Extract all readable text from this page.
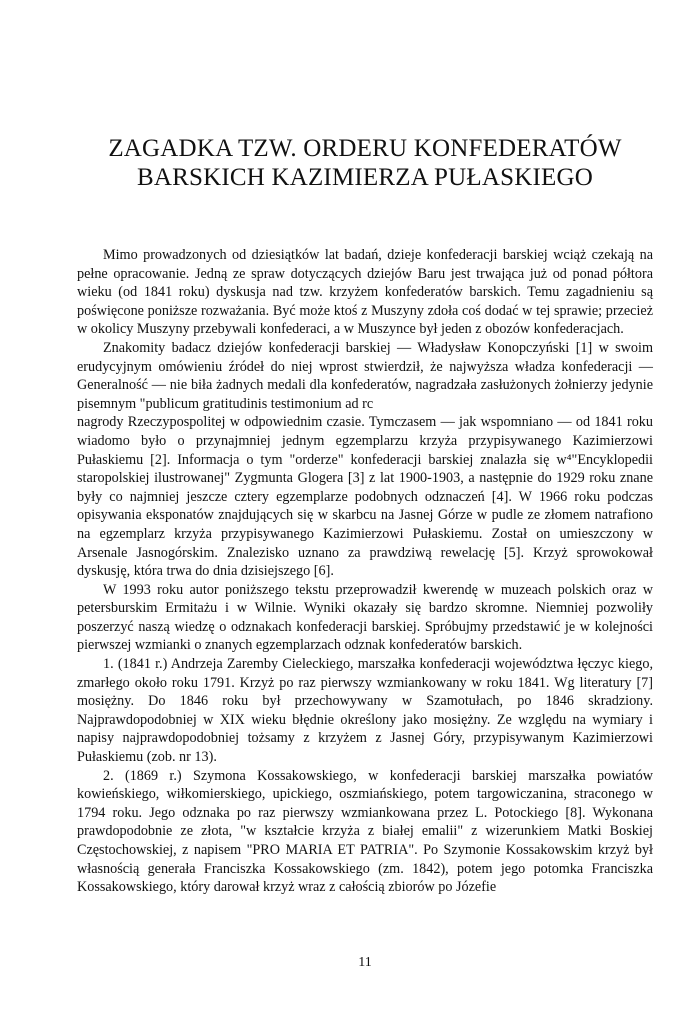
ZAGADKA TZW. ORDERU KONFEDERATÓW
BARSKICH KAZIMIERZA PUŁASKIEGO

Mimo prowadzonych od dziesiątków lat badań, dzieje konfederacji barskiej wciąż czekają na pełne opracowanie. Jedną ze spraw dotyczących dziejów Baru jest trwająca już od ponad półtora wieku (od 1841 roku) dyskusja nad tzw. krzyżem konfederatów barskich. Temu zagadnieniu są poświęcone poniższe rozważania. Być może ktoś z Muszyny zdoła coś dodać w tej sprawie; przecież w okolicy Muszyny przebywali konfederaci, a w Muszynce był jeden z obozów konfederacjach.

Znakomity badacz dziejów konfederacji barskiej — Władysław Konopczyński [1] w swoim erudycyjnym omówieniu źródeł do niej wprost stwierdził, że najwyższa władza konfederacji — Generalność — nie biła żadnych medali dla konfederatów, nagradzała zasłużonych żołnierzy jedynie pisemnym "publicum gratitudinis testimonium ad rc

nagrody Rzeczypospolitej w odpowiednim czasie. Tymczasem — jak wspomniano — od 1841 roku wiadomo było o przynajmniej jednym egzemplarzu krzyża przypisywanego Kazimierzowi Pułaskiemu [2]. Informacja o tym "orderze" konfederacji barskiej znalazła się w⁴"Encyklopedii staropolskiej ilustrowanej" Zygmunta Glogera [3] z lat 1900-1903, a następnie do 1929 roku znane były co najmniej jeszcze cztery egzemplarze podobnych odznaczeń [4]. W 1966 roku podczas opisywania eksponatów znajdujących się w skarbcu na Jasnej Górze w pudle ze złomem natrafiono na egzemplarz krzyża przypisywanego Kazimierzowi Pułaskiemu. Został on umieszczony w Arsenale Jasnogórskim. Znalezisko uznano za prawdziwą rewelację [5]. Krzyż sprowokował dyskusję, która trwa do dnia dzisiejszego [6].

W 1993 roku autor poniższego tekstu przeprowadził kwerendę w muzeach polskich oraz w petersburskim Ermitażu i w Wilnie. Wyniki okazały się bardzo skromne. Niemniej pozwoliły poszerzyć naszą wiedzę o odznakach konfederacji barskiej. Spróbujmy przedstawić je w kolejności pierwszej wzmianki o znanych egzemplarzach odznak konfederatów barskich.

1. (1841 r.) Andrzeja Zaremby Cieleckiego, marszałka konfederacji województwa łęczyc kiego, zmarłego około roku 1791. Krzyż po raz pierwszy wzmiankowany w roku 1841. Wg literatury [7] mosiężny. Do 1846 roku był przechowywany w Szamotułach, po 1846 skradziony. Najprawdopodobniej w XIX wieku błędnie określony jako mosiężny. Ze względu na wymiary i napisy najprawdopodobniej tożsamy z krzyżem z Jasnej Góry, przypisywanym Kazimierzowi Pułaskiemu (zob. nr 13).

2. (1869 r.) Szymona Kossakowskiego, w konfederacji barskiej marszałka powiatów kowieńskiego, wiłkomierskiego, upickiego, oszmiańskiego, potem targowiczanina, straconego w 1794 roku. Jego odznaka po raz pierwszy wzmiankowana przez L. Potockiego [8]. Wykonana prawdopodobnie ze złota, "w kształcie krzyża z białej emalii" z wizerunkiem Matki Boskiej Częstochowskiej, z napisem "PRO MARIA ET PATRIA". Po Szymonie Kossakowskim krzyż był własnością generała Franciszka Kossakowskiego (zm. 1842), potem jego potomka Franciszka Kossakowskiego, który darował krzyż wraz z całością zbiorów po Józefie

11
